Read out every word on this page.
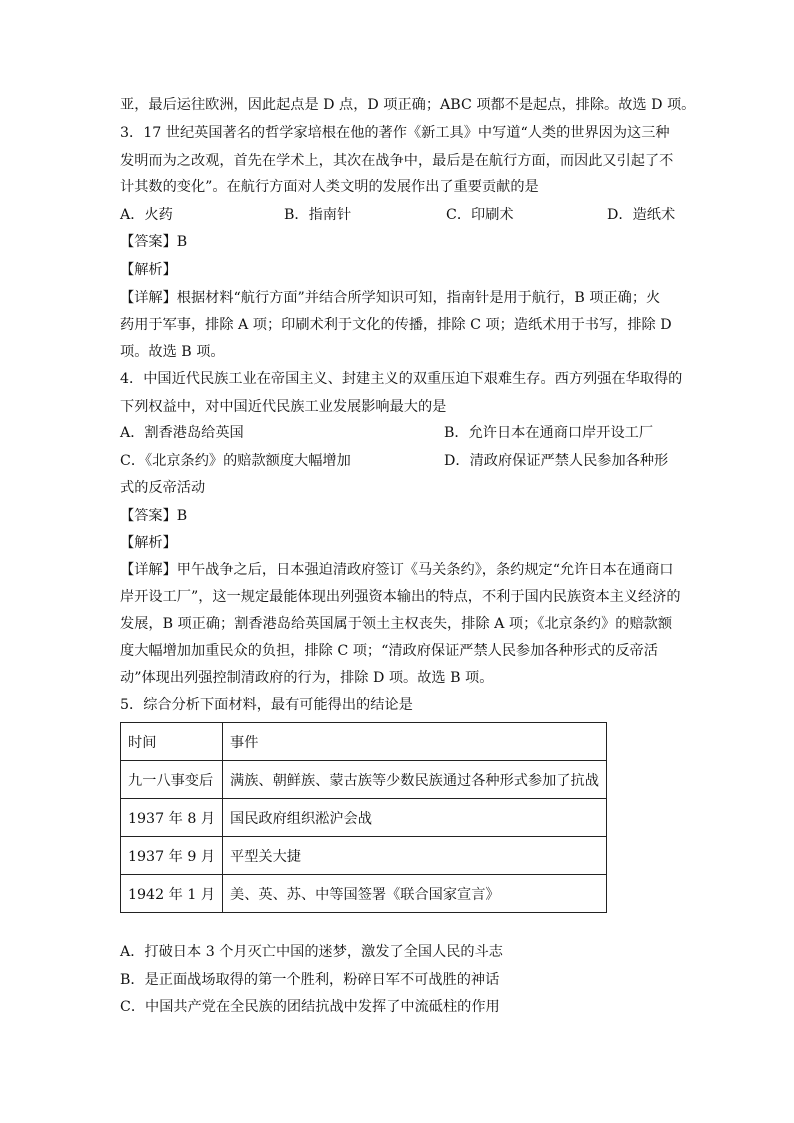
亚，最后运往欧洲，因此起点是 D 点，D 项正确；ABC 项都不是起点，排除。故选 D 项。
3．17 世纪英国著名的哲学家培根在他的著作《新工具》中写道“人类的世界因为这三种
发明而为之改观，首先在学术上，其次在战争中，最后是在航行方面，而因此又引起了不
计其数的变化”。在航行方面对人类文明的发展作出了重要贡献的是
A．火药	B．指南针	C．印刷术	D．造纸术
【答案】B
【解析】
【详解】根据材料“航行方面”并结合所学知识可知，指南针是用于航行，B 项正确；火
药用于军事，排除 A 项；印刷术利于文化的传播，排除 C 项；造纸术用于书写，排除 D
项。故选 B 项。
4．中国近代民族工业在帝国主义、封建主义的双重压迫下艰难生存。西方列强在华取得的
下列权益中，对中国近代民族工业发展影响最大的是
A．割香港岛给英国	B．允许日本在通商口岸开设工厂
C．《北京条约》的赔款额度大幅增加	D．清政府保证严禁人民参加各种形
式的反帝活动
【答案】B
【解析】
【详解】甲午战争之后，日本强迫清政府签订《马关条约》，条约规定“允许日本在通商口
岸开设工厂”，这一规定最能体现出列强资本输出的特点，不利于国内民族资本主义经济的
发展，B 项正确；割香港岛给英国属于领土主权丧失，排除 A 项；《北京条约》的赔款额
度大幅增加加重民众的负担，排除 C 项；“清政府保证严禁人民参加各种形式的反帝活
动”体现出列强控制清政府的行为，排除 D 项。故选 B 项。
5．综合分析下面材料，最有可能得出的结论是
时间	事件
九一八事变后	满族、朝鲜族、蒙古族等少数民族通过各种形式参加了抗战
1937 年 8 月	国民政府组织淞沪会战
1937 年 9 月	平型关大捷
1942 年 1 月	美、英、苏、中等国签署《联合国家宣言》
A．打破日本 3 个月灭亡中国的迷梦，激发了全国人民的斗志
B．是正面战场取得的第一个胜利，粉碎日军不可战胜的神话
C．中国共产党在全民族的团结抗战中发挥了中流砥柱的作用
